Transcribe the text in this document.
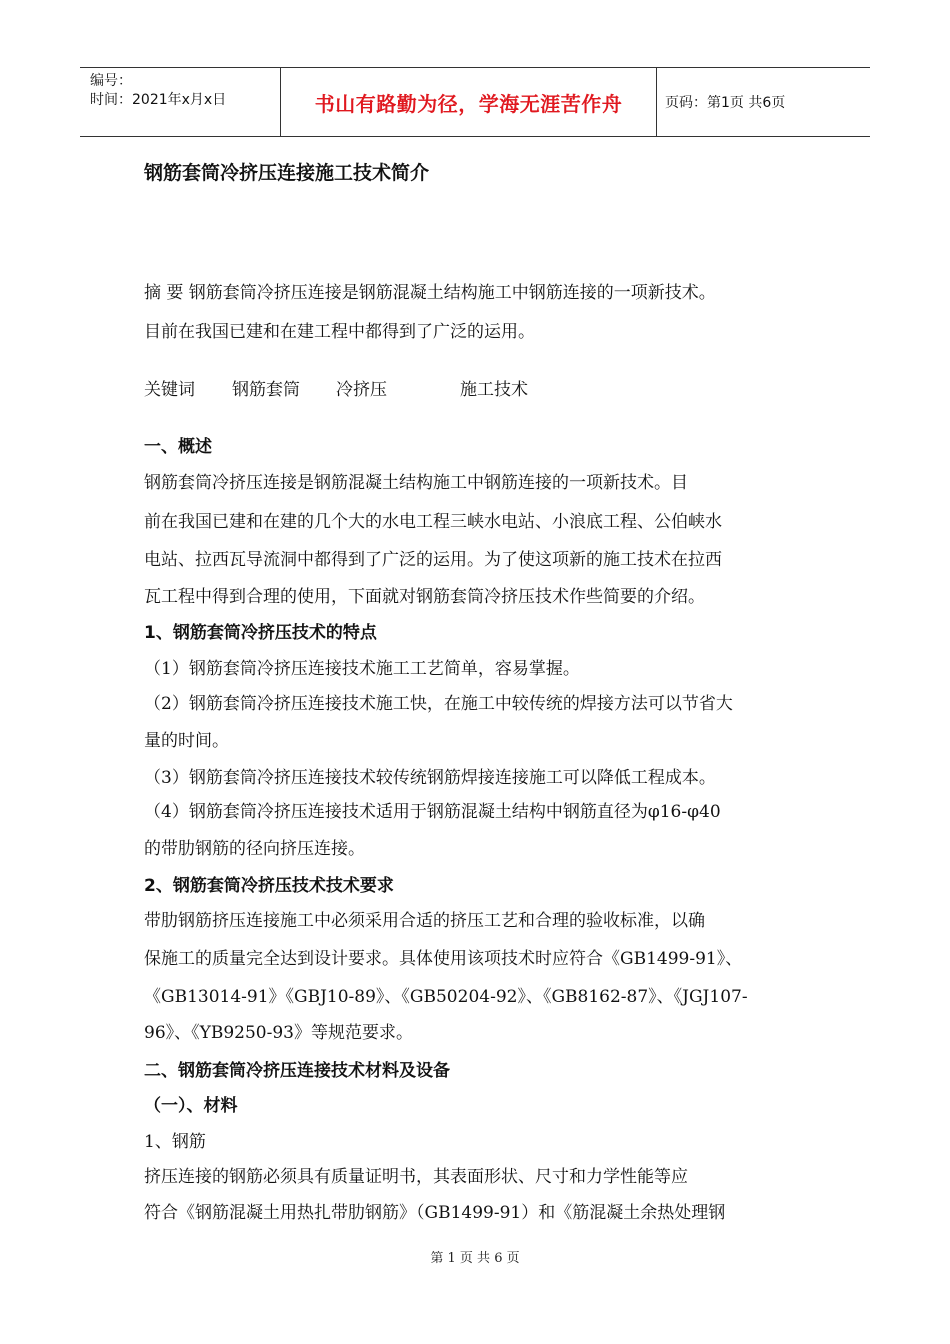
编号：
时间：2021年x月x日	书山有路勤为径，学海无涯苦作舟	页码：第1页 共6页
钢筋套筒冷挤压连接施工技术简介
摘 要 钢筋套筒冷挤压连接是钢筋混凝土结构施工中钢筋连接的一项新技术。
目前在我国已建和在建工程中都得到了广泛的运用。
关键词 钢筋套筒 冷挤压	施工技术
一、概述
钢筋套筒冷挤压连接是钢筋混凝土结构施工中钢筋连接的一项新技术。目
前在我国已建和在建的几个大的水电工程三峡水电站、小浪底工程、公伯峡水
电站、拉西瓦导流洞中都得到了广泛的运用。为了使这项新的施工技术在拉西
瓦工程中得到合理的使用，下面就对钢筋套筒冷挤压技术作些简要的介绍。
1、钢筋套筒冷挤压技术的特点
（1）钢筋套筒冷挤压连接技术施工工艺简单，容易掌握。
（2）钢筋套筒冷挤压连接技术施工快，在施工中较传统的焊接方法可以节省大
量的时间。
（3）钢筋套筒冷挤压连接技术较传统钢筋焊接连接施工可以降低工程成本。
（4）钢筋套筒冷挤压连接技术适用于钢筋混凝土结构中钢筋直径为φ16-φ40
的带肋钢筋的径向挤压连接。
2、钢筋套筒冷挤压技术技术要求
带肋钢筋挤压连接施工中必须采用合适的挤压工艺和合理的验收标准，以确
保施工的质量完全达到设计要求。具体使用该项技术时应符合《GB1499-91》、
《GB13014-91》《GBJ10-89》、《GB50204-92》、《GB8162-87》、《JGJ107-
96》、《YB9250-93》等规范要求。
二、钢筋套筒冷挤压连接技术材料及设备
（一）、材料
1、钢筋
挤压连接的钢筋必须具有质量证明书，其表面形状、尺寸和力学性能等应
符合《钢筋混凝土用热扎带肋钢筋》（GB1499-91）和《筋混凝土余热处理钢
第 1 页 共 6 页
